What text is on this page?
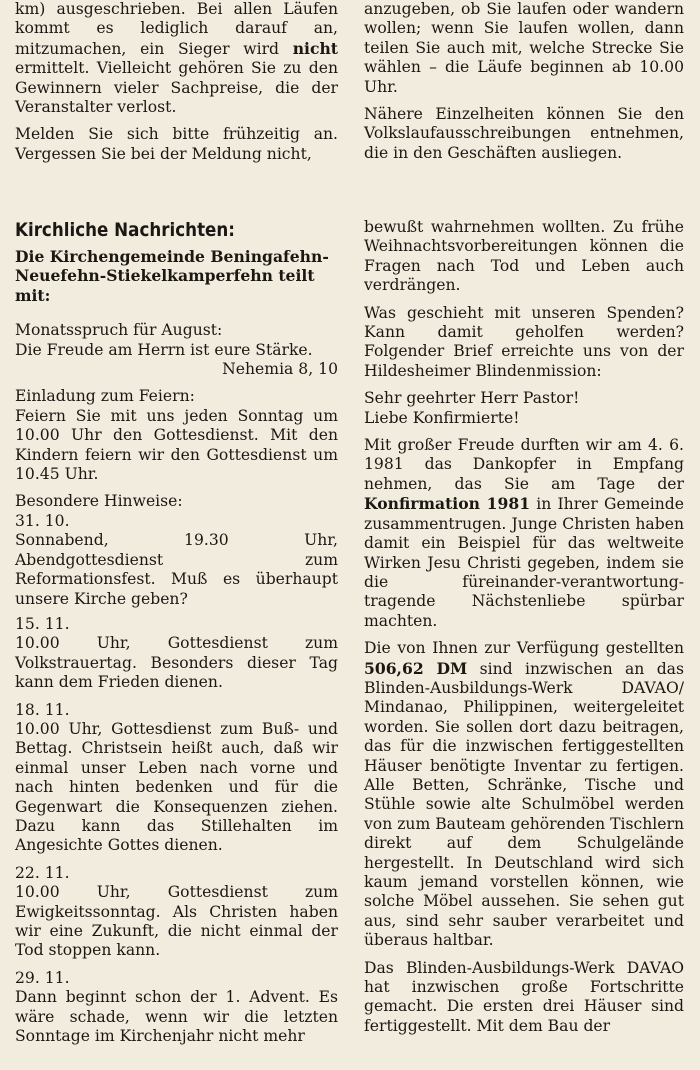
km) ausgeschrieben. Bei allen Läufen kommt es lediglich darauf an, mitzumachen, ein Sieger wird nicht ermittelt. Vielleicht gehören Sie zu den Gewinnern vieler Sachpreise, die der Veranstalter verlost.

Melden Sie sich bitte frühzeitig an. Vergessen Sie bei der Meldung nicht,

anzugeben, ob Sie laufen oder wandern wollen; wenn Sie laufen wollen, dann teilen Sie auch mit, welche Strecke Sie wählen – die Läufe beginnen ab 10.00 Uhr.

Nähere Einzelheiten können Sie den Volkslaufausschreibungen entnehmen, die in den Geschäften ausliegen.

Kirchliche Nachrichten:

Die Kirchengemeinde Beningafehn-Neuefehn-Stiekelkamperfehn teilt mit:

Monatsspruch für August:
Die Freude am Herrn ist eure Stärke.
Nehemia 8, 10

Einladung zum Feiern:
Feiern Sie mit uns jeden Sonntag um 10.00 Uhr den Gottesdienst. Mit den Kindern feiern wir den Gottesdienst um 10.45 Uhr.

Besondere Hinweise:
31. 10.
Sonnabend, 19.30 Uhr, Abendgottesdienst zum Reformationsfest. Muß es überhaupt unsere Kirche geben?

15. 11.
10.00 Uhr, Gottesdienst zum Volkstrauertag. Besonders dieser Tag kann dem Frieden dienen.

18. 11.
10.00 Uhr, Gottesdienst zum Buß- und Bettag. Christsein heißt auch, daß wir einmal unser Leben nach vorne und nach hinten bedenken und für die Gegenwart die Konsequenzen ziehen. Dazu kann das Stillehalten im Angesichte Gottes dienen.

22. 11.
10.00 Uhr, Gottesdienst zum Ewigkeitssonntag. Als Christen haben wir eine Zukunft, die nicht einmal der Tod stoppen kann.

29. 11.
Dann beginnt schon der 1. Advent. Es wäre schade, wenn wir die letzten Sonntage im Kirchenjahr nicht mehr

bewußt wahrnehmen wollten. Zu frühe Weihnachtsvorbereitungen können die Fragen nach Tod und Leben auch verdrängen.

Was geschieht mit unseren Spenden? Kann damit geholfen werden? Folgender Brief erreichte uns von der Hildesheimer Blindenmission:

Sehr geehrter Herr Pastor!
Liebe Konfirmierte!

Mit großer Freude durften wir am 4. 6. 1981 das Dankopfer in Empfang nehmen, das Sie am Tage der Konfirmation 1981 in Ihrer Gemeinde zusammentrugen. Junge Christen haben damit ein Beispiel für das weltweite Wirken Jesu Christi gegeben, indem sie die füreinander-verantwortung-tragende Nächstenliebe spürbar machten.

Die von Ihnen zur Verfügung gestellten 506,62 DM sind inzwischen an das Blinden-Ausbildungs-Werk DAVAO/ Mindanao, Philippinen, weitergeleitet worden. Sie sollen dort dazu beitragen, das für die inzwischen fertiggestellten Häuser benötigte Inventar zu fertigen. Alle Betten, Schränke, Tische und Stühle sowie alte Schulmöbel werden von zum Bauteam gehörenden Tischlern direkt auf dem Schulgelände hergestellt. In Deutschland wird sich kaum jemand vorstellen können, wie solche Möbel aussehen. Sie sehen gut aus, sind sehr sauber verarbeitet und überaus haltbar.

Das Blinden-Ausbildungs-Werk DAVAO hat inzwischen große Fortschritte gemacht. Die ersten drei Häuser sind fertiggestellt. Mit dem Bau der
